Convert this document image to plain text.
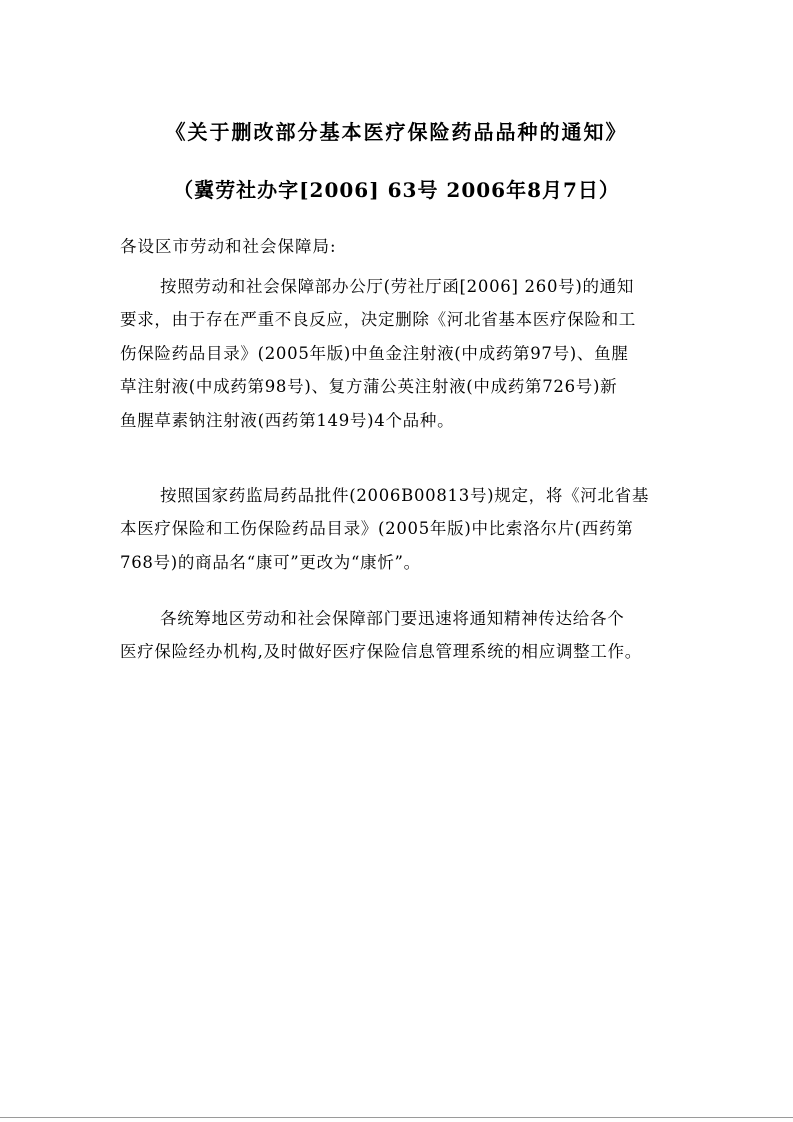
《关于删改部分基本医疗保险药品品种的通知》
（冀劳社办字[2006] 63号 2006年8月7日）
各设区市劳动和社会保障局:
按照劳动和社会保障部办公厅(劳社厅函[2006] 260号)的通知
要求，由于存在严重不良反应，决定删除《河北省基本医疗保险和工
伤保险药品目录》(2005年版)中鱼金注射液(中成药第97号)、鱼腥
草注射液(中成药第98号)、复方蒲公英注射液(中成药第726号)新
鱼腥草素钠注射液(西药第149号)4个品种。
按照国家药监局药品批件(2006B00813号)规定，将《河北省基
本医疗保险和工伤保险药品目录》(2005年版)中比索洛尔片(西药第
768号)的商品名“康可”更改为“康忻”。
各统筹地区劳动和社会保障部门要迅速将通知精神传达给各个
医疗保险经办机构,及时做好医疗保险信息管理系统的相应调整工作。
